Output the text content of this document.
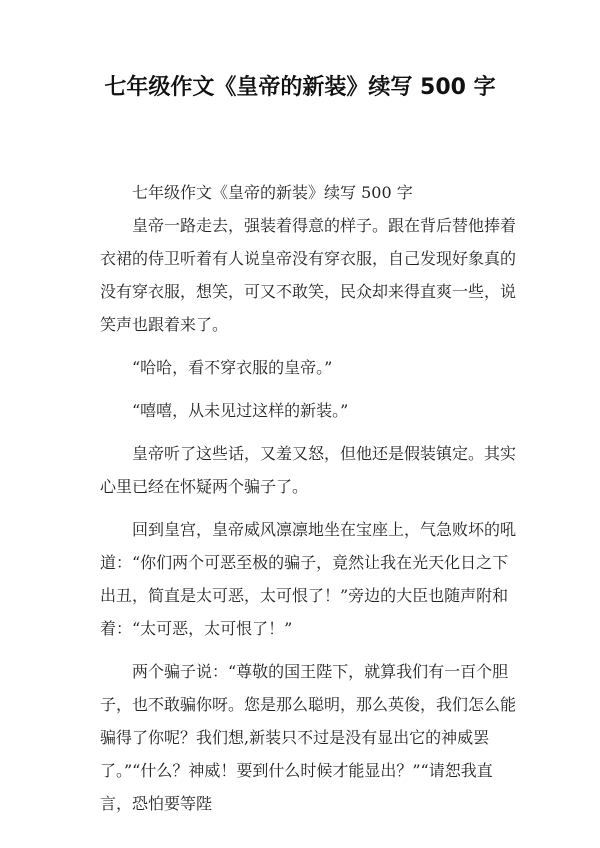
七年级作文《皇帝的新装》续写 500 字

七年级作文《皇帝的新装》续写 500 字

皇帝一路走去，强装着得意的样子。跟在背后替他捧着衣裙的侍卫听着有人说皇帝没有穿衣服，自己发现好象真的没有穿衣服，想笑，可又不敢笑，民众却来得直爽一些，说笑声也跟着来了。

“哈哈，看不穿衣服的皇帝。”

“嘻嘻，从未见过这样的新装。”

皇帝听了这些话，又羞又怒，但他还是假装镇定。其实心里已经在怀疑两个骗子了。

回到皇宫，皇帝威风凛凛地坐在宝座上，气急败坏的吼道：“你们两个可恶至极的骗子，竟然让我在光天化日之下出丑，简直是太可恶，太可恨了！”旁边的大臣也随声附和着：“太可恶，太可恨了！”

两个骗子说：“尊敬的国王陛下，就算我们有一百个胆子，也不敢骗你呀。您是那么聪明，那么英俊，我们怎么能骗得了你呢？我们想,新装只不过是没有显出它的神威罢了。”“什么？神威！要到什么时候才能显出？”“请恕我直言，恐怕要等陛
